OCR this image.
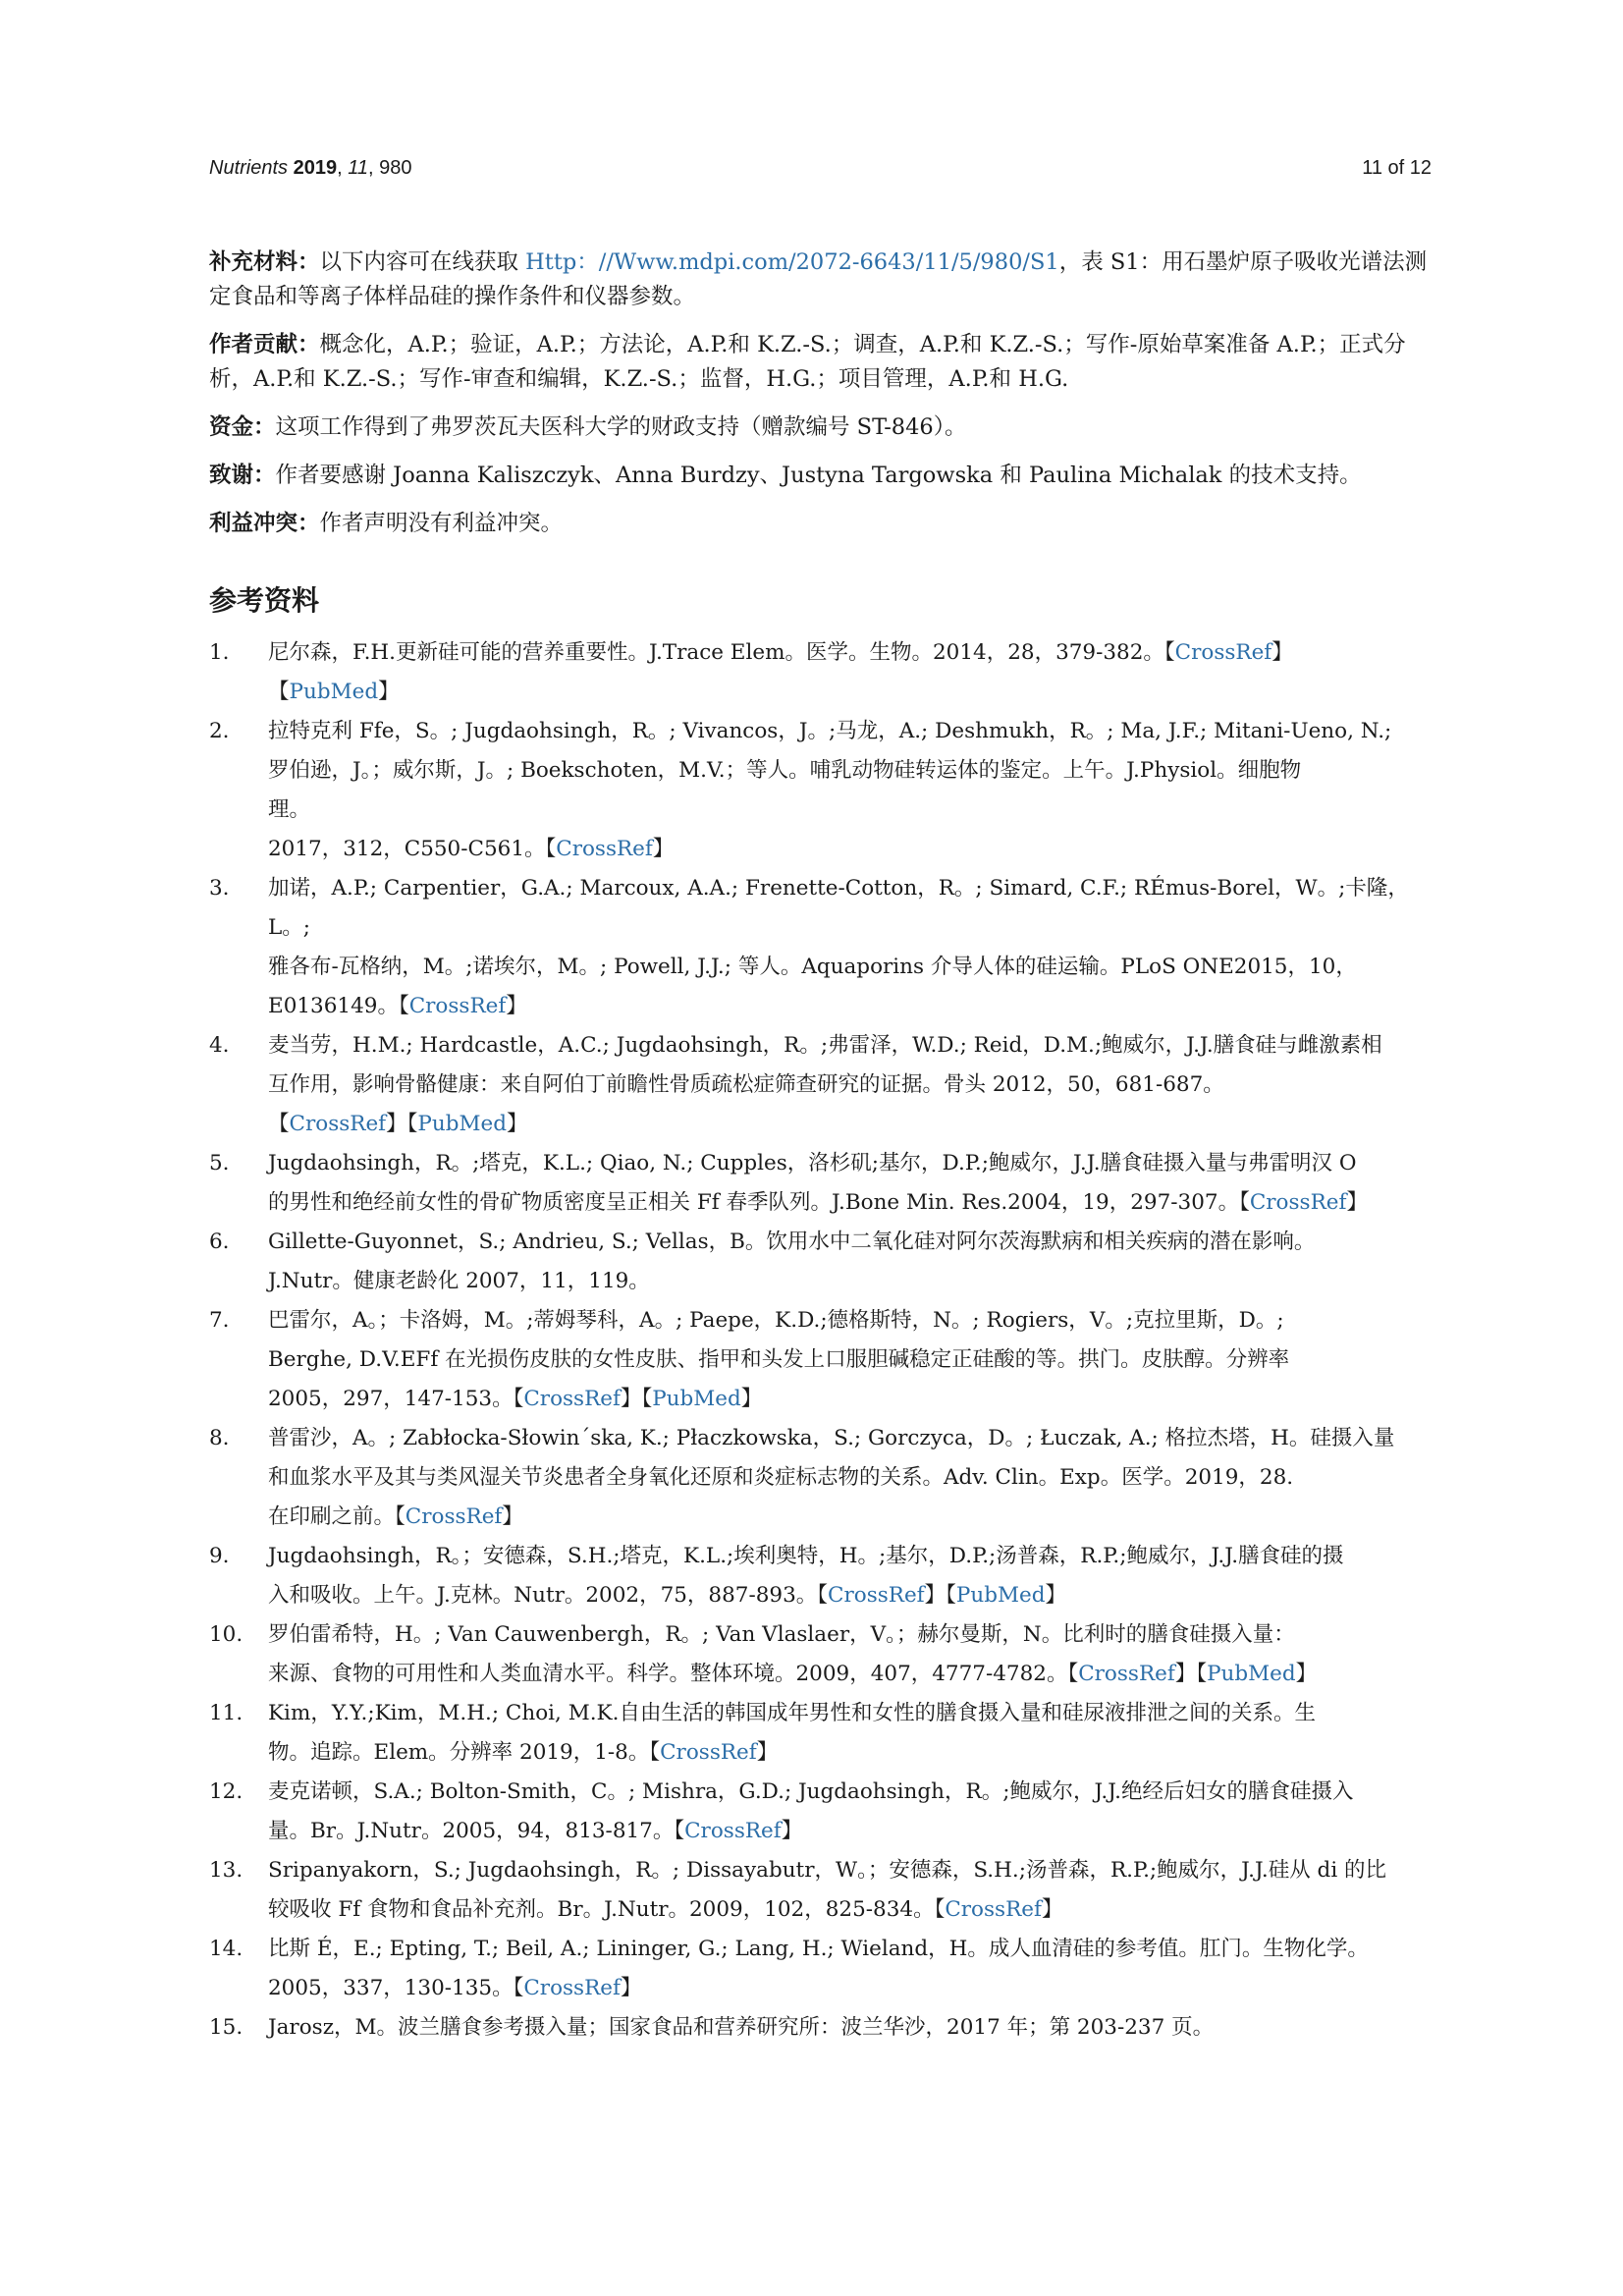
Nutrients 2019, 11, 980	11 of 12

补充材料：以下内容可在线获取 Http：//Www.mdpi.com/2072-6643/11/5/980/S1，表 S1：用石墨炉原子吸收光谱法测定食品和等离子体样品硅的操作条件和仪器参数。

作者贡献：概念化，A.P.；验证，A.P.；方法论，A.P.和 K.Z.-S.；调查，A.P.和 K.Z.-S.；写作-原始草案准备 A.P.；正式分析，A.P.和 K.Z.-S.；写作-审查和编辑，K.Z.-S.；监督，H.G.；项目管理，A.P.和 H.G.

资金：这项工作得到了弗罗茨瓦夫医科大学的财政支持（赠款编号 ST-846）。

致谢：作者要感谢 Joanna Kaliszczyk、Anna Burdzy、Justyna Targowska 和 Paulina Michalak 的技术支持。

利益冲突：作者声明没有利益冲突。

参考资料
1. 尼尔森，F.H.更新硅可能的营养重要性。J.Trace Elem。医学。生物。2014，28，379-382。【CrossRef】
【PubMed】
2. 拉特克利 Ffe，S。; Jugdaohsingh，R。; Vivancos，J。;马龙，A.; Deshmukh，R。; Ma, J.F.; Mitani-Ueno, N.;
罗伯逊，J。；威尔斯，J。; Boekschoten，M.V.；等人。哺乳动物硅转运体的鉴定。上午。J.Physiol。细胞物
理。
2017，312，C550-C561。【CrossRef】
3. 加诺，A.P.; Carpentier，G.A.; Marcoux, A.A.; Frenette-Cotton，R。; Simard, C.F.; RÉmus-Borel，W。;卡隆，L。;
雅各布-瓦格纳，M。;诺埃尔，M。; Powell, J.J.; 等人。Aquaporins 介导人体的硅运输。PLoS ONE2015，10，
E0136149。【CrossRef】
4. 麦当劳，H.M.; Hardcastle，A.C.; Jugdaohsingh，R。;弗雷泽，W.D.; Reid，D.M.;鲍威尔，J.J.膳食硅与雌激素相
互作用，影响骨骼健康：来自阿伯丁前瞻性骨质疏松症筛查研究的证据。骨头 2012，50，681-687。
【CrossRef】【PubMed】
5. Jugdaohsingh，R。;塔克，K.L.; Qiao, N.; Cupples，洛杉矶;基尔，D.P.;鲍威尔，J.J.膳食硅摄入量与弗雷明汉 O
的男性和绝经前女性的骨矿物质密度呈正相关 Ff 春季队列。J.Bone Min. Res.2004，19，297-307。【CrossRef】
6. Gillette-Guyonnet，S.; Andrieu, S.; Vellas，B。饮用水中二氧化硅对阿尔茨海默病和相关疾病的潜在影响。
J.Nutr。健康老龄化 2007，11，119。
7. 巴雷尔，A。；卡洛姆，M。;蒂姆琴科，A。; Paepe，K.D.;德格斯特，N。; Rogiers，V。;克拉里斯，D。;
Berghe, D.V.EFf 在光损伤皮肤的女性皮肤、指甲和头发上口服胆碱稳定正硅酸的等。拱门。皮肤醇。分辨率
2005，297，147-153。【CrossRef】【PubMed】
8. 普雷沙，A。; Zabłocka-Słowin´ska, K.; Płaczkowska，S.; Gorczyca，D。; Łuczak, A.; 格拉杰塔，H。硅摄入量
和血浆水平及其与类风湿关节炎患者全身氧化还原和炎症标志物的关系。Adv. Clin。Exp。医学。2019，28.
在印刷之前。【CrossRef】
9. Jugdaohsingh，R。；安德森，S.H.;塔克，K.L.;埃利奥特，H。;基尔，D.P.;汤普森，R.P.;鲍威尔，J.J.膳食硅的摄
入和吸收。上午。J.克林。Nutr。2002，75，887-893。【CrossRef】【PubMed】
10. 罗伯雷希特，H。; Van Cauwenbergh，R。; Van Vlaslaer，V。；赫尔曼斯，N。比利时的膳食硅摄入量：
来源、食物的可用性和人类血清水平。科学。整体环境。2009，407，4777-4782。【CrossRef】【PubMed】
11. Kim，Y.Y.;Kim，M.H.; Choi, M.K.自由生活的韩国成年男性和女性的膳食摄入量和硅尿液排泄之间的关系。生
物。追踪。Elem。分辨率 2019，1-8。【CrossRef】
12. 麦克诺顿，S.A.; Bolton-Smith，C。; Mishra，G.D.; Jugdaohsingh，R。;鲍威尔，J.J.绝经后妇女的膳食硅摄入
量。Br。J.Nutr。2005，94，813-817。【CrossRef】
13. Sripanyakorn，S.; Jugdaohsingh，R。; Dissayabutr，W。；安德森，S.H.;汤普森，R.P.;鲍威尔，J.J.硅从 di 的比
较吸收 Ff 食物和食品补充剂。Br。J.Nutr。2009，102，825-834。【CrossRef】
14. 比斯 É，E.; Epting, T.; Beil, A.; Lininger, G.; Lang, H.; Wieland，H。成人血清硅的参考值。肛门。生物化学。
2005，337，130-135。【CrossRef】
15. Jarosz，M。波兰膳食参考摄入量；国家食品和营养研究所：波兰华沙，2017 年；第 203-237 页。
